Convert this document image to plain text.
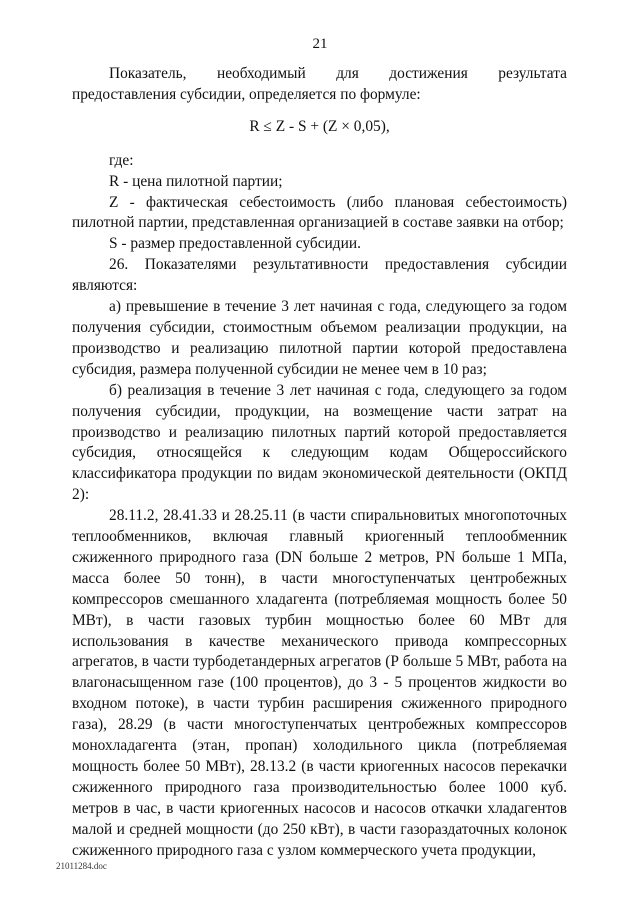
21

Показатель, необходимый для достижения результата предоставления субсидии, определяется по формуле:

R ≤ Z - S + (Z × 0,05),

где:

R - цена пилотной партии;

Z - фактическая себестоимость (либо плановая себестоимость) пилотной партии, представленная организацией в составе заявки на отбор;

S - размер предоставленной субсидии.

26. Показателями результативности предоставления субсидии являются:

а) превышение в течение 3 лет начиная с года, следующего за годом получения субсидии, стоимостным объемом реализации продукции, на производство и реализацию пилотной партии которой предоставлена субсидия, размера полученной субсидии не менее чем в 10 раз;

б) реализация в течение 3 лет начиная с года, следующего за годом получения субсидии, продукции, на возмещение части затрат на производство и реализацию пилотных партий которой предоставляется субсидия, относящейся к следующим кодам Общероссийского классификатора продукции по видам экономической деятельности (ОКПД 2):

28.11.2, 28.41.33 и 28.25.11 (в части спиральновитых многопоточных теплообменников, включая главный криогенный теплообменник сжиженного природного газа (DN больше 2 метров, PN больше 1 МПа, масса более 50 тонн), в части многоступенчатых центробежных компрессоров смешанного хладагента (потребляемая мощность более 50 МВт), в части газовых турбин мощностью более 60 МВт для использования в качестве механического привода компрессорных агрегатов, в части турбодетандерных агрегатов (Р больше 5 МВт, работа на влагонасыщенном газе (100 процентов), до 3 - 5 процентов жидкости во входном потоке), в части турбин расширения сжиженного природного газа), 28.29 (в части многоступенчатых центробежных компрессоров монохладагента (этан, пропан) холодильного цикла (потребляемая мощность более 50 МВт), 28.13.2 (в части криогенных насосов перекачки сжиженного природного газа производительностью более 1000 куб. метров в час, в части криогенных насосов и насосов откачки хладагентов малой и средней мощности (до 250 кВт), в части газораздаточных колонок сжиженного природного газа с узлом коммерческого учета продукции,

21011284.doc
